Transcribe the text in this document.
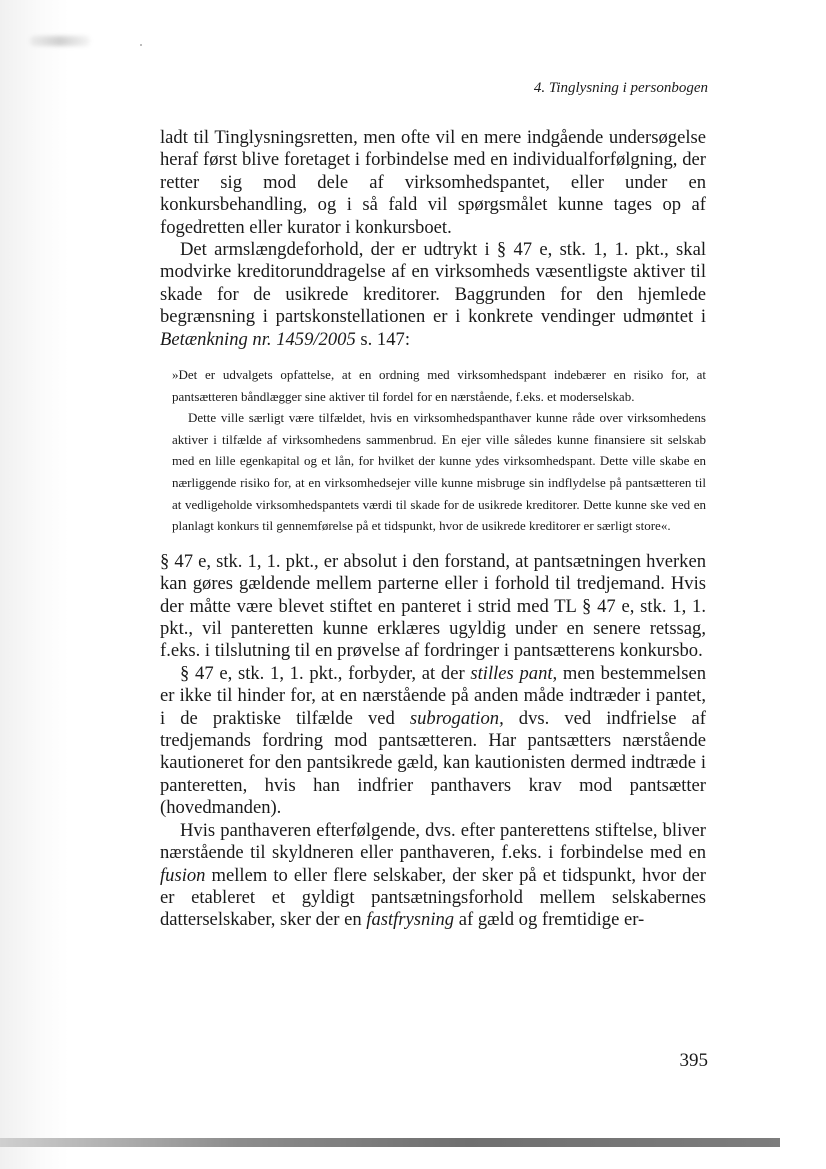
4. Tinglysning i personbogen

ladt til Tinglysningsretten, men ofte vil en mere indgående undersøgelse heraf først blive foretaget i forbindelse med en individualforfølgning, der retter sig mod dele af virksomhedspantet, eller under en konkursbehandling, og i så fald vil spørgsmålet kunne tages op af fogedretten eller kurator i konkursboet.

Det armslængdeforhold, der er udtrykt i § 47 e, stk. 1, 1. pkt., skal modvirke kreditorunddragelse af en virksomheds væsentligste aktiver til skade for de usikrede kreditorer. Baggrunden for den hjemlede begrænsning i partskonstellationen er i konkrete vendinger udmøntet i Betænkning nr. 1459/2005 s. 147:

»Det er udvalgets opfattelse, at en ordning med virksomhedspant indebærer en risiko for, at pantsætteren båndlægger sine aktiver til fordel for en nærstående, f.eks. et moderselskab.

Dette ville særligt være tilfældet, hvis en virksomhedspanthaver kunne råde over virksomhedens aktiver i tilfælde af virksomhedens sammenbrud. En ejer ville således kunne finansiere sit selskab med en lille egenkapital og et lån, for hvilket der kunne ydes virksomhedspant. Dette ville skabe en nærliggende risiko for, at en virksomhedsejer ville kunne misbruge sin indflydelse på pantsætteren til at vedligeholde virksomhedspantets værdi til skade for de usikrede kreditorer. Dette kunne ske ved en planlagt konkurs til gennemførelse på et tidspunkt, hvor de usikrede kreditorer er særligt store«.

§ 47 e, stk. 1, 1. pkt., er absolut i den forstand, at pantsætningen hverken kan gøres gældende mellem parterne eller i forhold til tredjemand. Hvis der måtte være blevet stiftet en panteret i strid med TL § 47 e, stk. 1, 1. pkt., vil panteretten kunne erklæres ugyldig under en senere retssag, f.eks. i tilslutning til en prøvelse af fordringer i pantsætterens konkursbo.

§ 47 e, stk. 1, 1. pkt., forbyder, at der stilles pant, men bestemmelsen er ikke til hinder for, at en nærstående på anden måde indtræder i pantet, i de praktiske tilfælde ved subrogation, dvs. ved indfrielse af tredjemands fordring mod pantsætteren. Har pantsætters nærstående kautioneret for den pantsikrede gæld, kan kautionisten dermed indtræde i panteretten, hvis han indfrier panthavers krav mod pantsætter (hovedmanden).

Hvis panthaveren efterfølgende, dvs. efter panterettens stiftelse, bliver nærstående til skyldneren eller panthaveren, f.eks. i forbindelse med en fusion mellem to eller flere selskaber, der sker på et tidspunkt, hvor der er etableret et gyldigt pantsætningsforhold mellem selskabernes datterselskaber, sker der en fastfrysning af gæld og fremtidige er-

395
